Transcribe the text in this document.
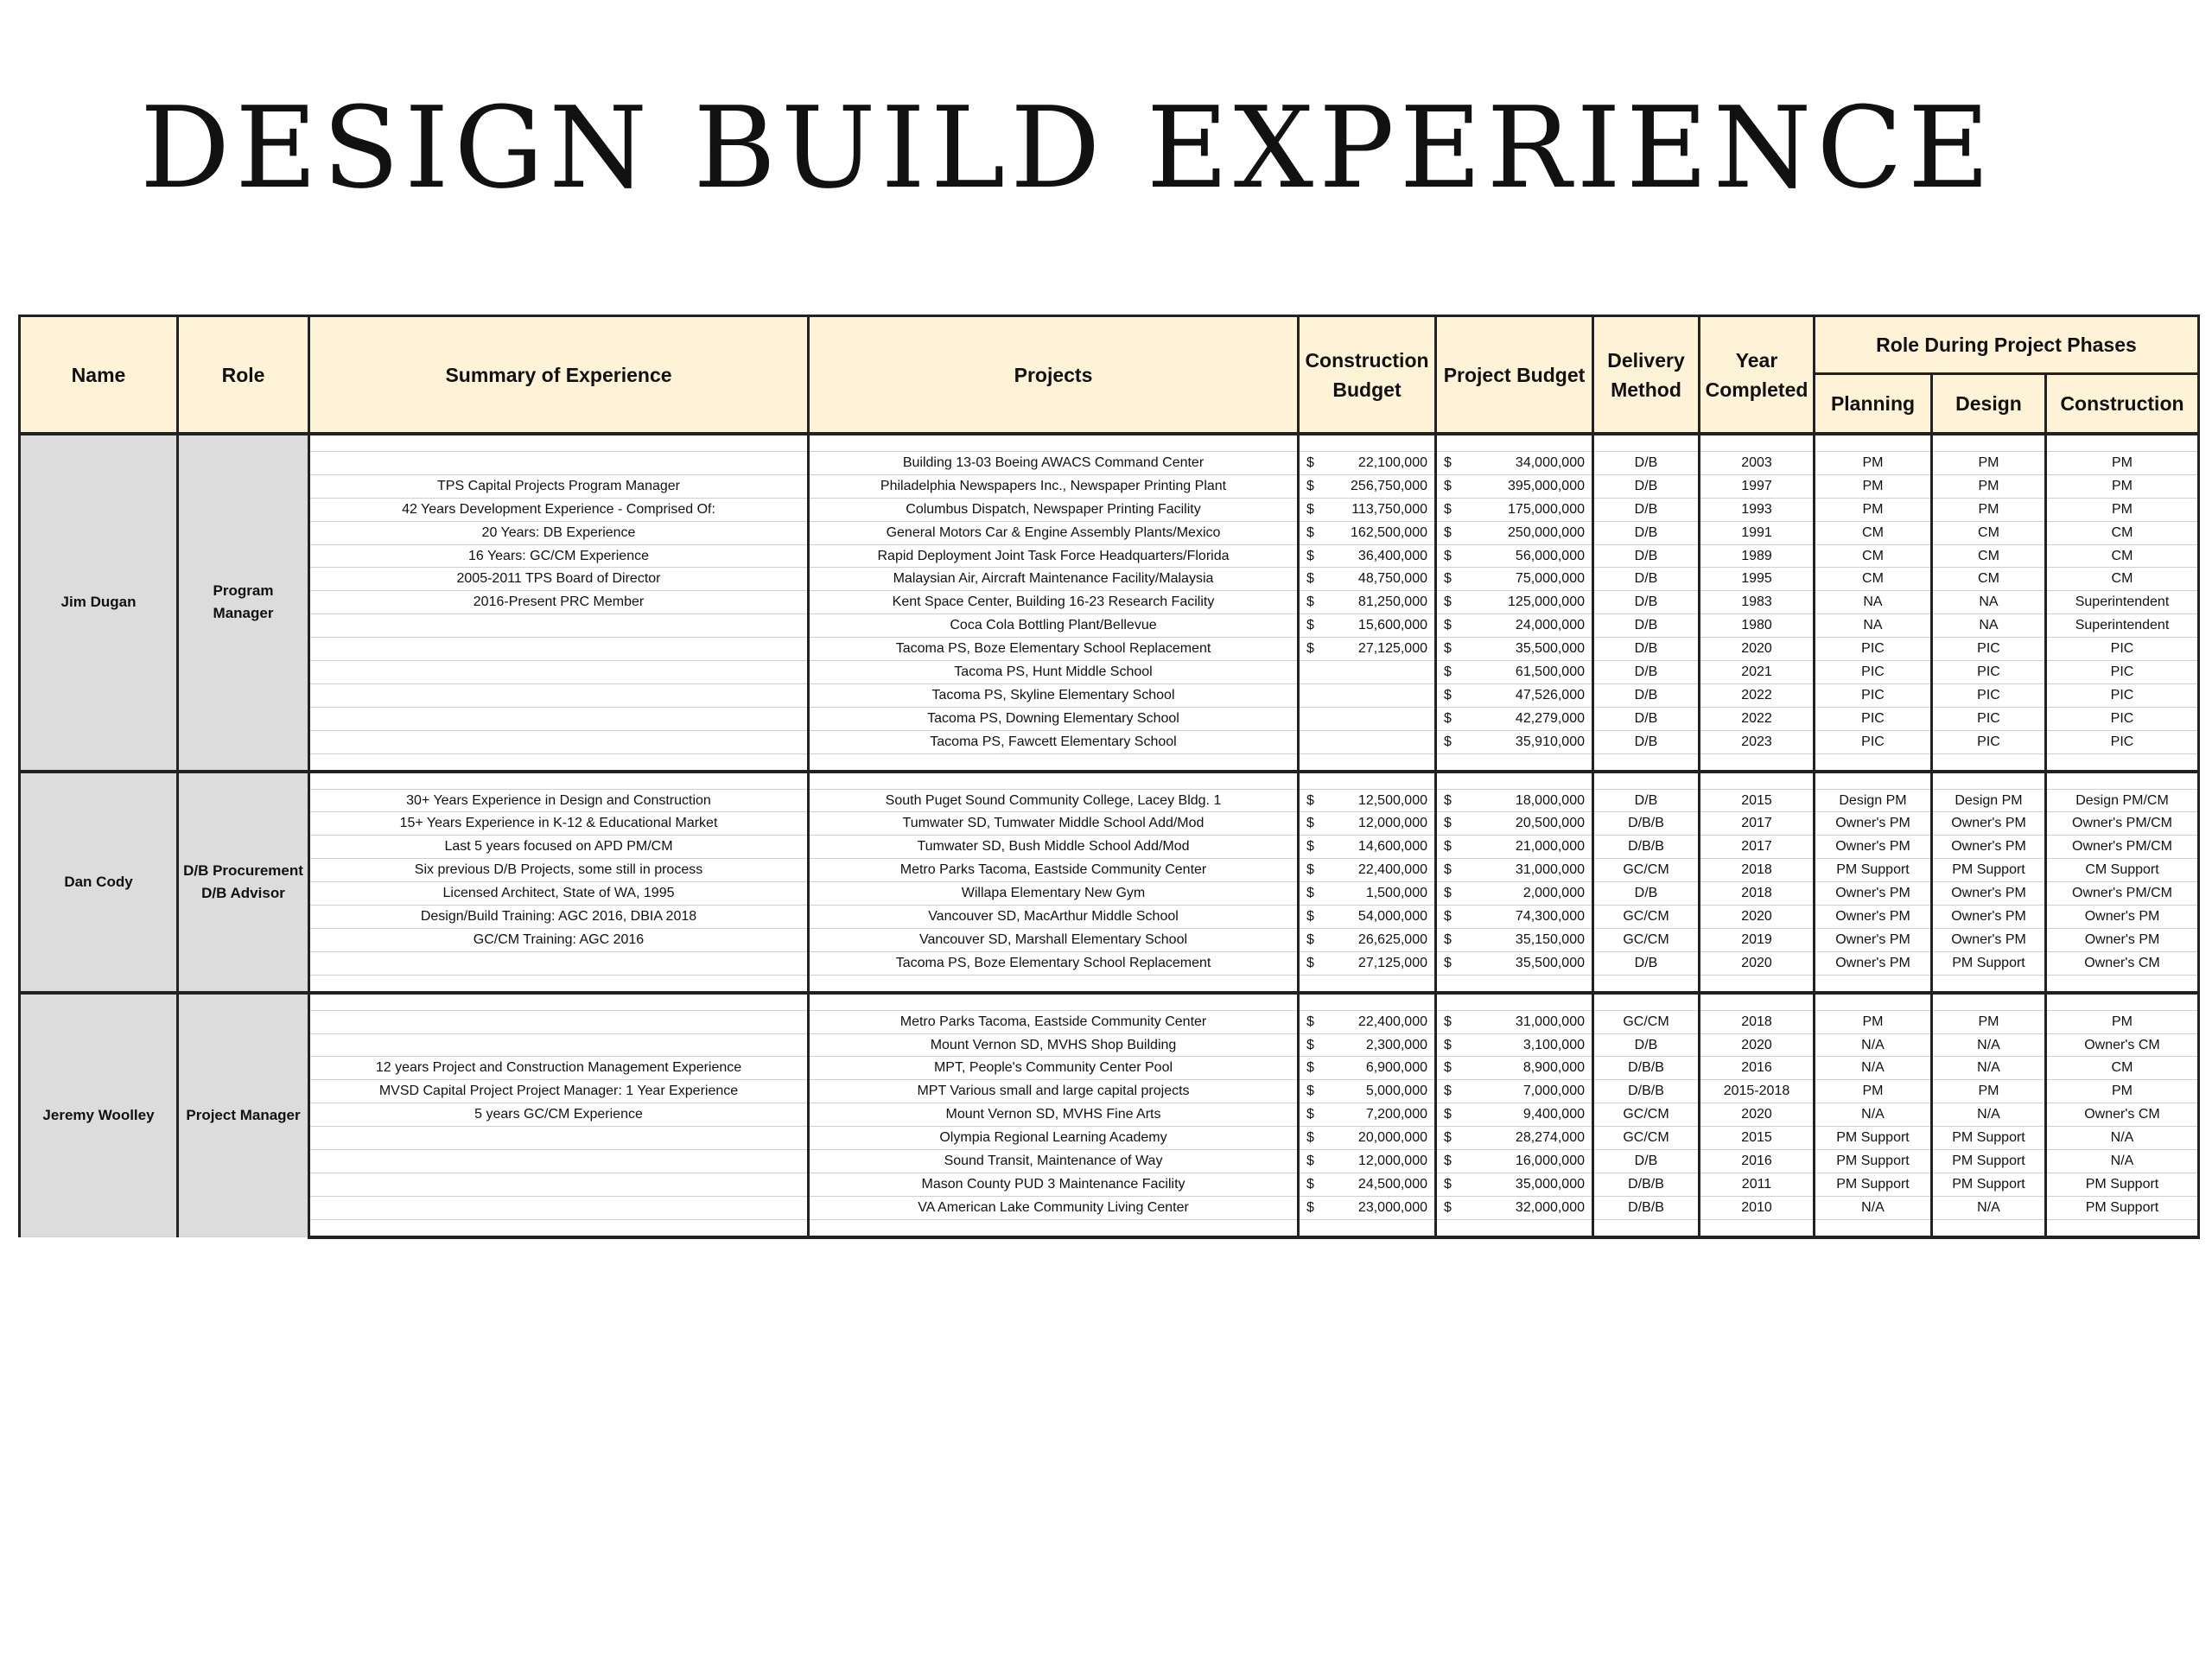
DESIGN BUILD EXPERIENCE
Name	Role	Summary of Experience	Projects	Construction Budget	Project Budget	Delivery Method	Year Completed	Role During Project Phases		
								Planning	Design	Construction
Jim Dugan	Program Manager									
			Building 13-03 Boeing AWACS Command Center	$ 22,100,000	$ 34,000,000	D/B	2003	PM	PM	PM
		TPS Capital Projects Program Manager	Philadelphia Newspapers Inc., Newspaper Printing Plant	$ 256,750,000	$ 395,000,000	D/B	1997	PM	PM	PM
		42 Years Development Experience - Comprised Of:	Columbus Dispatch, Newspaper Printing Facility	$ 113,750,000	$ 175,000,000	D/B	1993	PM	PM	PM
		20 Years: DB Experience	General Motors Car & Engine Assembly Plants/Mexico	$ 162,500,000	$ 250,000,000	D/B	1991	CM	CM	CM
		16 Years: GC/CM Experience	Rapid Deployment Joint Task Force Headquarters/Florida	$ 36,400,000	$ 56,000,000	D/B	1989	CM	CM	CM
		2005-2011 TPS Board of Director	Malaysian Air, Aircraft Maintenance Facility/Malaysia	$ 48,750,000	$ 75,000,000	D/B	1995	CM	CM	CM
		2016-Present PRC Member	Kent Space Center, Building 16-23 Research Facility	$ 81,250,000	$ 125,000,000	D/B	1983	NA	NA	Superintendent
			Coca Cola Bottling Plant/Bellevue	$ 15,600,000	$ 24,000,000	D/B	1980	NA	NA	Superintendent
			Tacoma PS, Boze Elementary School Replacement	$ 27,125,000	$ 35,500,000	D/B	2020	PIC	PIC	PIC
			Tacoma PS, Hunt Middle School		$ 61,500,000	D/B	2021	PIC	PIC	PIC
			Tacoma PS, Skyline Elementary School		$ 47,526,000	D/B	2022	PIC	PIC	PIC
			Tacoma PS, Downing Elementary School		$ 42,279,000	D/B	2022	PIC	PIC	PIC
			Tacoma PS, Fawcett Elementary School		$ 35,910,000	D/B	2023	PIC	PIC	PIC

Dan Cody	D/B Procurement D/B Advisor									
		30+ Years Experience in Design and Construction	South Puget Sound Community College, Lacey Bldg. 1	$ 12,500,000	$ 18,000,000	D/B	2015	Design PM	Design PM	Design PM/CM
		15+ Years Experience in K-12 & Educational Market	Tumwater SD, Tumwater Middle School Add/Mod	$ 12,000,000	$ 20,500,000	D/B/B	2017	Owner's PM	Owner's PM	Owner's PM/CM
		Last 5 years focused on APD PM/CM	Tumwater SD, Bush Middle School Add/Mod	$ 14,600,000	$ 21,000,000	D/B/B	2017	Owner's PM	Owner's PM	Owner's PM/CM
		Six previous D/B Projects, some still in process	Metro Parks Tacoma, Eastside Community Center	$ 22,400,000	$ 31,000,000	GC/CM	2018	PM Support	PM Support	CM Support
		Licensed Architect, State of WA, 1995	Willapa Elementary New Gym	$ 1,500,000	$ 2,000,000	D/B	2018	Owner's PM	Owner's PM	Owner's PM/CM
		Design/Build Training: AGC 2016, DBIA 2018	Vancouver SD, MacArthur Middle School	$ 54,000,000	$ 74,300,000	GC/CM	2020	Owner's PM	Owner's PM	Owner's PM
		GC/CM Training: AGC 2016	Vancouver SD, Marshall Elementary School	$ 26,625,000	$ 35,150,000	GC/CM	2019	Owner's PM	Owner's PM	Owner's PM
			Tacoma PS, Boze Elementary School Replacement	$ 27,125,000	$ 35,500,000	D/B	2020	Owner's PM	PM Support	Owner's CM

Jeremy Woolley	Project Manager									
			Metro Parks Tacoma, Eastside Community Center	$ 22,400,000	$ 31,000,000	GC/CM	2018	PM	PM	PM
			Mount Vernon SD, MVHS Shop Building	$ 2,300,000	$ 3,100,000	D/B	2020	N/A	N/A	Owner's CM
		12 years Project and Construction Management Experience	MPT, People's Community Center Pool	$ 6,900,000	$ 8,900,000	D/B/B	2016	N/A	N/A	CM
		MVSD Capital Project Project Manager: 1 Year Experience	MPT Various small and large capital projects	$ 5,000,000	$ 7,000,000	D/B/B	2015-2018	PM	PM	PM
		5 years GC/CM Experience	Mount Vernon SD, MVHS Fine Arts	$ 7,200,000	$ 9,400,000	GC/CM	2020	N/A	N/A	Owner's CM
			Olympia Regional Learning Academy	$ 20,000,000	$ 28,274,000	GC/CM	2015	PM Support	PM Support	N/A
			Sound Transit, Maintenance of Way	$ 12,000,000	$ 16,000,000	D/B	2016	PM Support	PM Support	N/A
			Mason County PUD 3 Maintenance Facility	$ 24,500,000	$ 35,000,000	D/B/B	2011	PM Support	PM Support	PM Support
			VA American Lake Community Living Center	$ 23,000,000	$ 32,000,000	D/B/B	2010	N/A	N/A	PM Support
